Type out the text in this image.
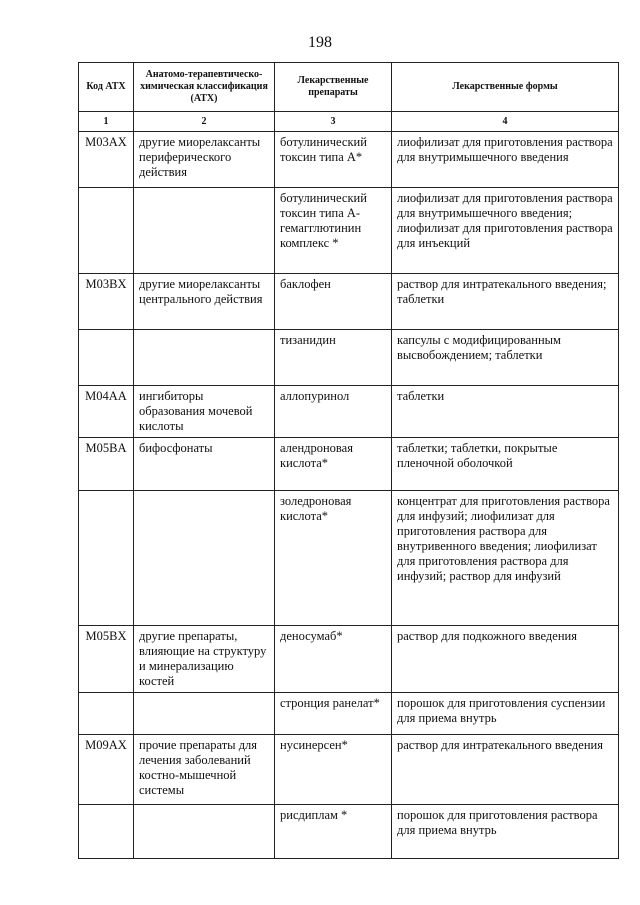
198
Код АТХ	Анатомо-терапевтическо-химическая классификация (АТХ)	Лекарственные препараты	Лекарственные формы
1	2	3	4
M03AX	другие миорелаксанты периферического действия	ботулинический токсин типа А*	лиофилизат для приготовления раствора для внутримышечного введения
		ботулинический токсин типа A-гемагглютинин комплекс *	лиофилизат для приготовления раствора для внутримышечного введения; лиофилизат для приготовления раствора для инъекций
M03BX	другие миорелаксанты центрального действия	баклофен	раствор для интратекального введения; таблетки
		тизанидин	капсулы с модифицированным высвобождением; таблетки
M04AA	ингибиторы образования мочевой кислоты	аллопуринол	таблетки
M05BA	бифосфонаты	алендроновая кислота*	таблетки; таблетки, покрытые пленочной оболочкой
		золедроновая кислота*	концентрат для приготовления раствора для инфузий; лиофилизат для приготовления раствора для внутривенного введения; лиофилизат для приготовления раствора для инфузий; раствор для инфузий
M05BX	другие препараты, влияющие на структуру и минерализацию костей	деносумаб*	раствор для подкожного введения
		стронция ранелат*	порошок для приготовления суспензии для приема внутрь
M09AX	прочие препараты для лечения заболеваний костно-мышечной системы	нусинерсен*	раствор для интратекального введения
		рисдиплам *	порошок для приготовления раствора для приема внутрь
